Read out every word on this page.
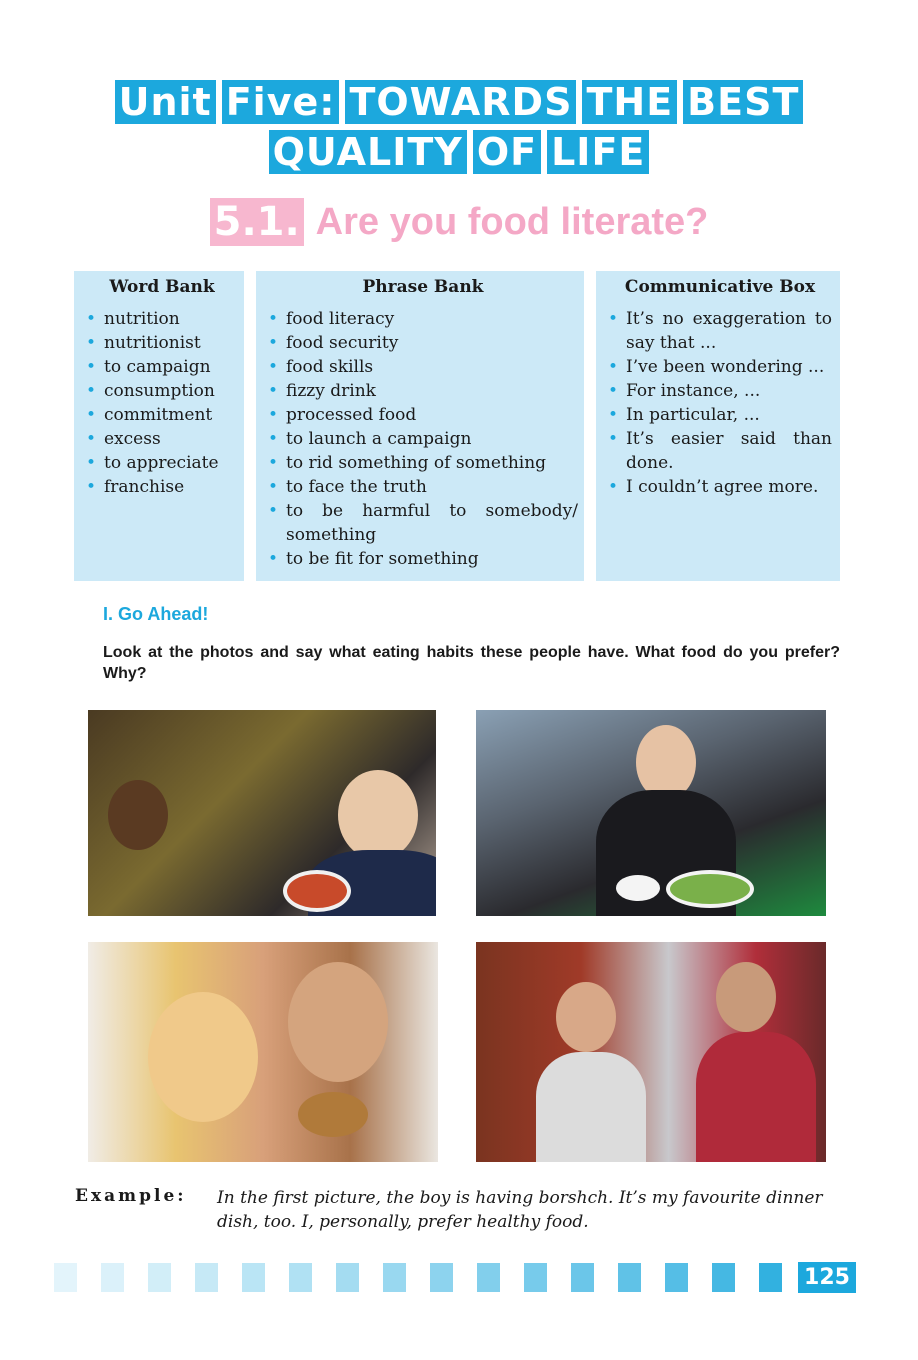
Unit Five: TOWARDS THE BEST
QUALITY OF LIFE
5.1. Are you food literate?
Word Bank
• nutrition
• nutritionist
• to campaign
• consumption
• commitment
• excess
• to appreciate
• franchise
Phrase Bank
• food literacy
• food security
• food skills
• fizzy drink
• processed food
• to launch a campaign
• to rid something of something
• to face the truth
• to be harmful to somebody/ something
• to be fit for something
Communicative Box
• It’s no exaggeration to say that ...
• I’ve been wondering ...
• For instance, ...
• In particular, ...
• It’s easier said than done.
• I couldn’t agree more.
I. Go Ahead!
Look at the photos and say what eating habits these people have. What food do you prefer? Why?
Example: In the first picture, the boy is having borshch. It’s my favourite dinner dish, too. I, personally, prefer healthy food.
125
